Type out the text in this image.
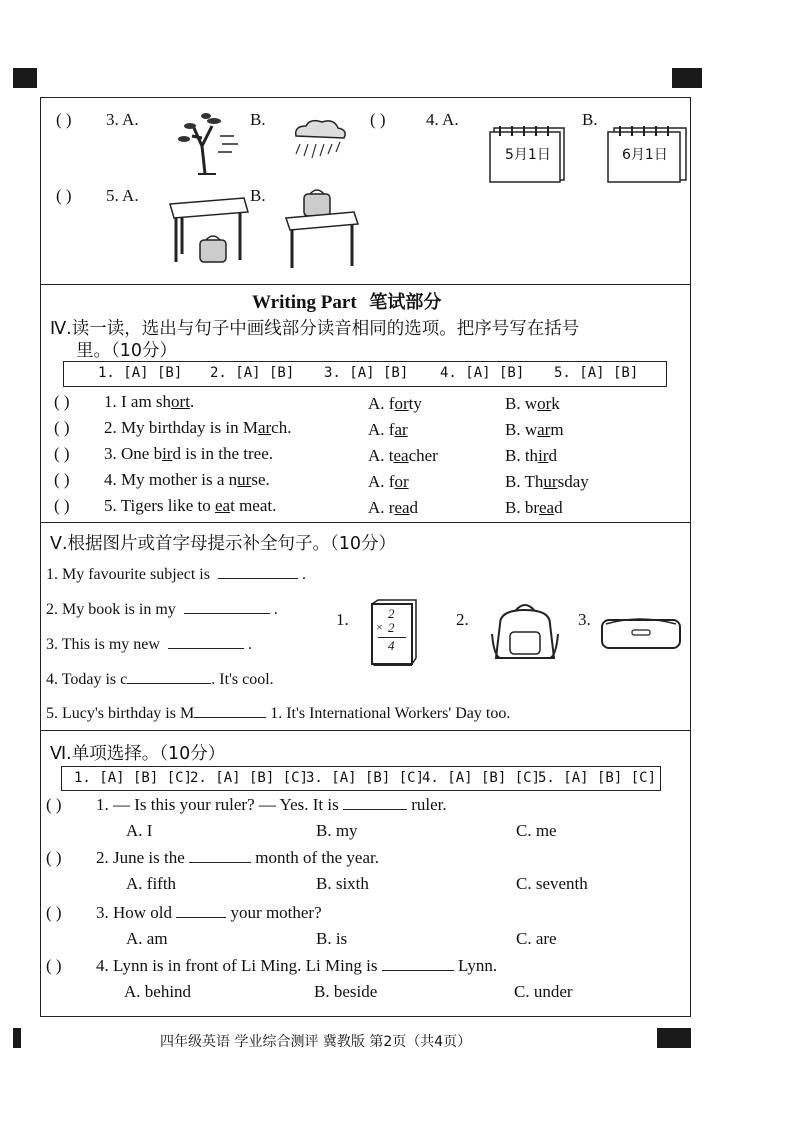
( ) 3. A.	B.	( ) 4. A.
5月1日
B.
6月1日
( ) 5. A.	B.
Writing Part 笔试部分
Ⅳ.读一读，选出与句子中画线部分读音相同的选项。把序号写在括号
里。（10分）
1. [A] [B] 2. [A] [B] 3. [A] [B] 4. [A] [B] 5. [A] [B]
( ) 1. I am short.	A. forty	B. work
( ) 2. My birthday is in March.	A. far	B. warm
( ) 3. One bird is in the tree.	A. teacher	B. third
( ) 4. My mother is a nurse.	A. for	B. Thursday
( ) 5. Tigers like to eat meat.	A. read	B. bread
Ⅴ.根据图片或首字母提示补全句子。（10分）
1. My favourite subject is	.
2. My book is in my	.
3. This is my new	.
4. Today is c	. It's cool.
5. Lucy's birthday is M	1. It's International Workers' Day too.
1.	2
× 2
4
2.	3.
Ⅵ.单项选择。（10分）
1. [A] [B] [C]
2. [A] [B] [C]
3. [A] [B] [C]
4. [A] [B] [C]
5. [A] [B] [C]
( ) 1. — Is this your ruler? — Yes. It is	ruler.
A. I	B. my	C. me
( ) 2. June is the	month of the year.
A. fifth	B. sixth	C. seventh
( ) 3. How old	your mother?
A. am	B. is	C. are
( ) 4. Lynn is in front of Li Ming. Li Ming is	Lynn.
A. behind	B. beside	C. under
四年级英语 学业综合测评 冀教版 第2页（共4页）
